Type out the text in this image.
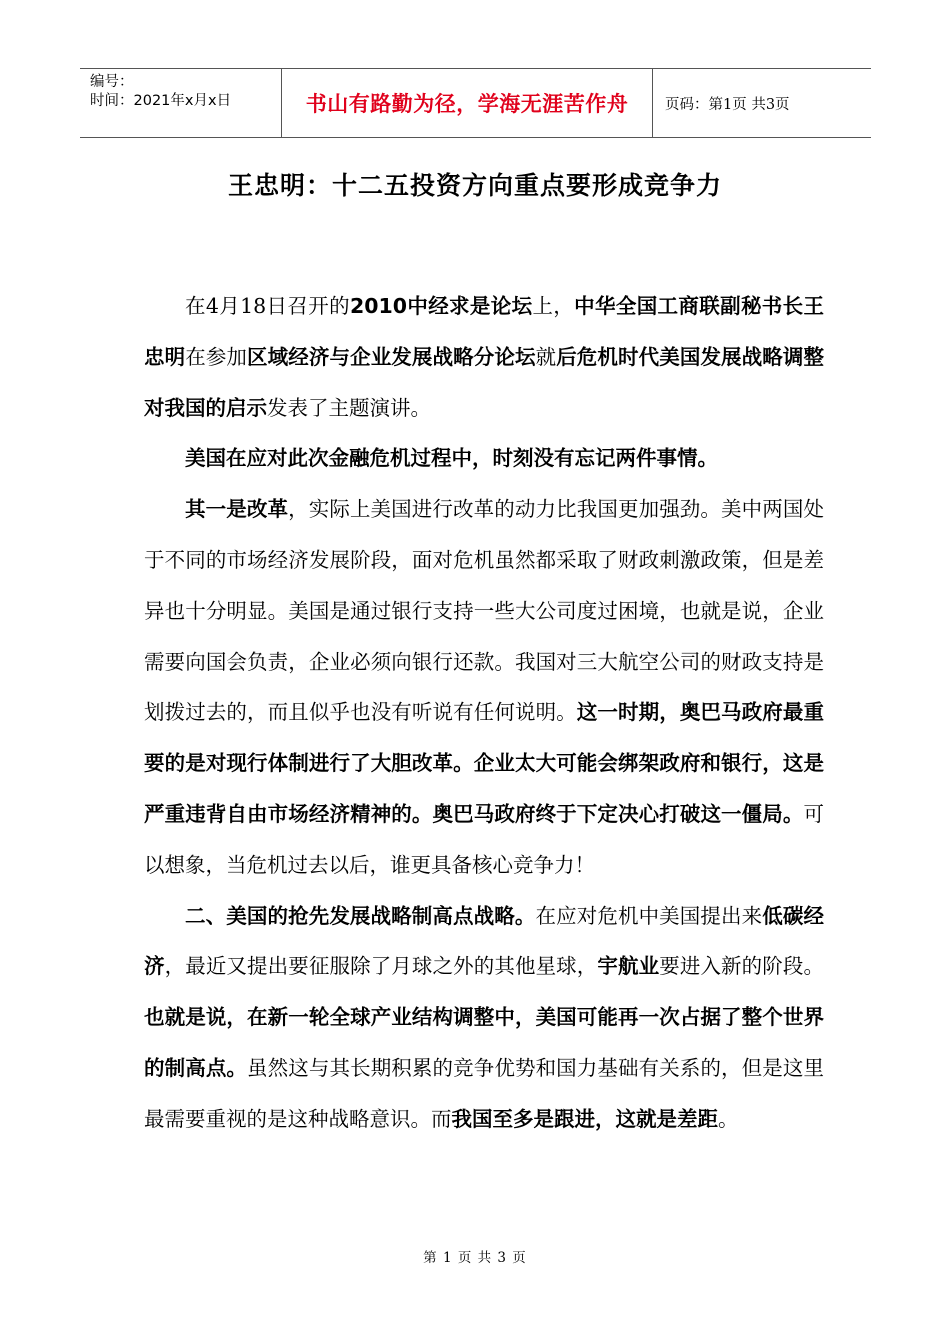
编号：
时间：2021年x月x日	书山有路勤为径，学海无涯苦作舟	页码：第1页 共3页
王忠明：十二五投资方向重点要形成竞争力

在4月18日召开的2010中经求是论坛上，中华全国工商联副秘书长王忠明在参加区域经济与企业发展战略分论坛就后危机时代美国发展战略调整对我国的启示发表了主题演讲。

美国在应对此次金融危机过程中，时刻没有忘记两件事情。

其一是改革，实际上美国进行改革的动力比我国更加强劲。美中两国处于不同的市场经济发展阶段，面对危机虽然都采取了财政刺激政策，但是差异也十分明显。美国是通过银行支持一些大公司度过困境，也就是说，企业需要向国会负责，企业必须向银行还款。我国对三大航空公司的财政支持是划拨过去的，而且似乎也没有听说有任何说明。这一时期，奥巴马政府最重要的是对现行体制进行了大胆改革。企业太大可能会绑架政府和银行，这是严重违背自由市场经济精神的。奥巴马政府终于下定决心打破这一僵局。可以想象，当危机过去以后，谁更具备核心竞争力！

二、美国的抢先发展战略制高点战略。在应对危机中美国提出来低碳经济，最近又提出要征服除了月球之外的其他星球，宇航业要进入新的阶段。也就是说，在新一轮全球产业结构调整中，美国可能再一次占据了整个世界的制高点。虽然这与其长期积累的竞争优势和国力基础有关系的，但是这里最需要重视的是这种战略意识。而我国至多是跟进，这就是差距。

第 1 页 共 3 页
